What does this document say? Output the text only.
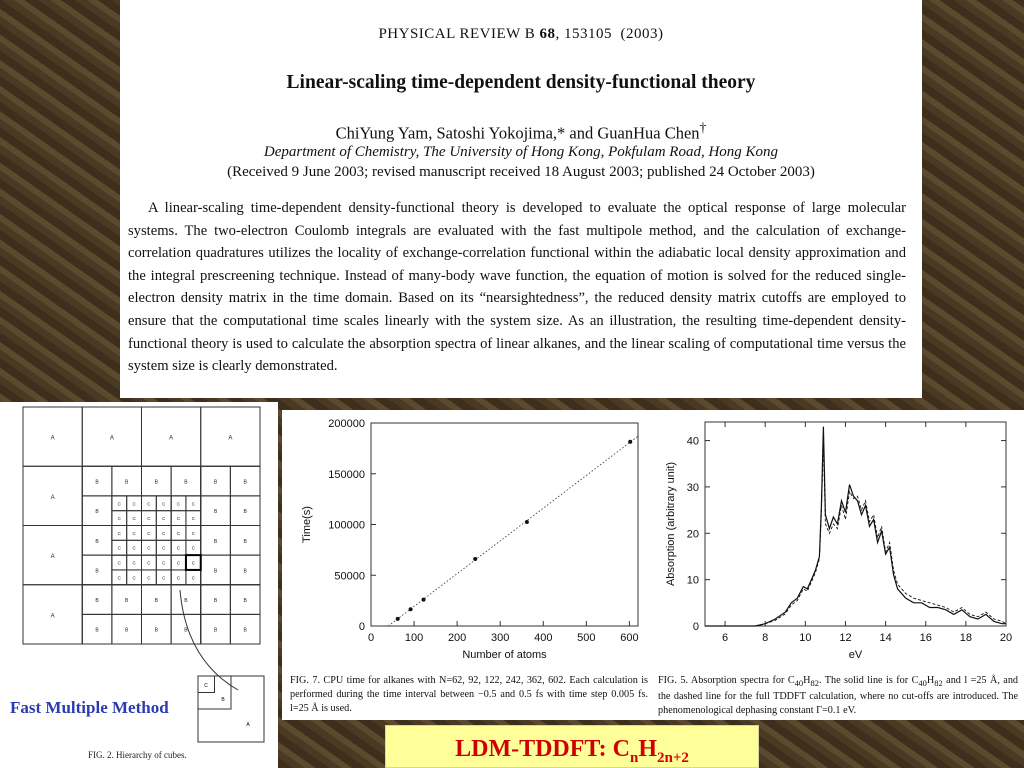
PHYSICAL REVIEW B 68, 153105 (2003)
Linear-scaling time-dependent density-functional theory
ChiYung Yam, Satoshi Yokojima,* and GuanHua Chen†
Department of Chemistry, The University of Hong Kong, Pokfulam Road, Hong Kong
(Received 9 June 2003; revised manuscript received 18 August 2003; published 24 October 2003)
A linear-scaling time-dependent density-functional theory is developed to evaluate the optical response of large molecular systems. The two-electron Coulomb integrals are evaluated with the fast multipole method, and the calculation of exchange-correlation quadratures utilizes the locality of exchange-correlation functional within the adiabatic local density approximation and the integral prescreening technique. Instead of many-body wave function, the equation of motion is solved for the reduced single-electron density matrix in the time domain. Based on its “nearsightedness”, the reduced density matrix cutoffs are employed to ensure that the computational time scales linearly with the system size. As an illustration, the resulting time-dependent density-functional theory is used to calculate the absorption spectra of linear alkanes, and the linear scaling of computational time versus the system size is clearly demonstrated.
A	A	A	A
A
A
A
B	B	B	B	B	B
B	B	B
B	B	B
B	B	B
B	B	B	B	B	B
B	B	B	B	B	B
C	C	C	C	C	C
C	C	C	C	C	C
C	C	C	C	C	C
C	C	C	C	C	C
C	C	C	C	C	C
C	C	C	C	C	C
C
B
A
Fast Multiple Method
FIG. 2. Hierarchy of cubes.
0	100 200 300 400 500 600
0
50000
100000
150000
200000
Number of atoms
Time(s)
FIG. 7. CPU time for alkanes with N=62, 92, 122, 242, 362, 602. Each calculation is performed during the time interval between −0.5 and 0.5 fs with time step 0.005 fs. l=25 Å is used.
6	8	10	12	14	16	18	20
0
10
20
30
40
eV
Absorption (arbitrary unit)
FIG. 5. Absorption spectra for $C_{40}H_{82}$. The solid line is for $C_{40}H_{82}$ and l =25 Å, and the dashed line for the full TDDFT calculation, where no cut-offs are introduced. The phenomenological dephasing constant Γ=0.1 eV.
LDM-TDDFT: $C_nH_{2n+2}$
